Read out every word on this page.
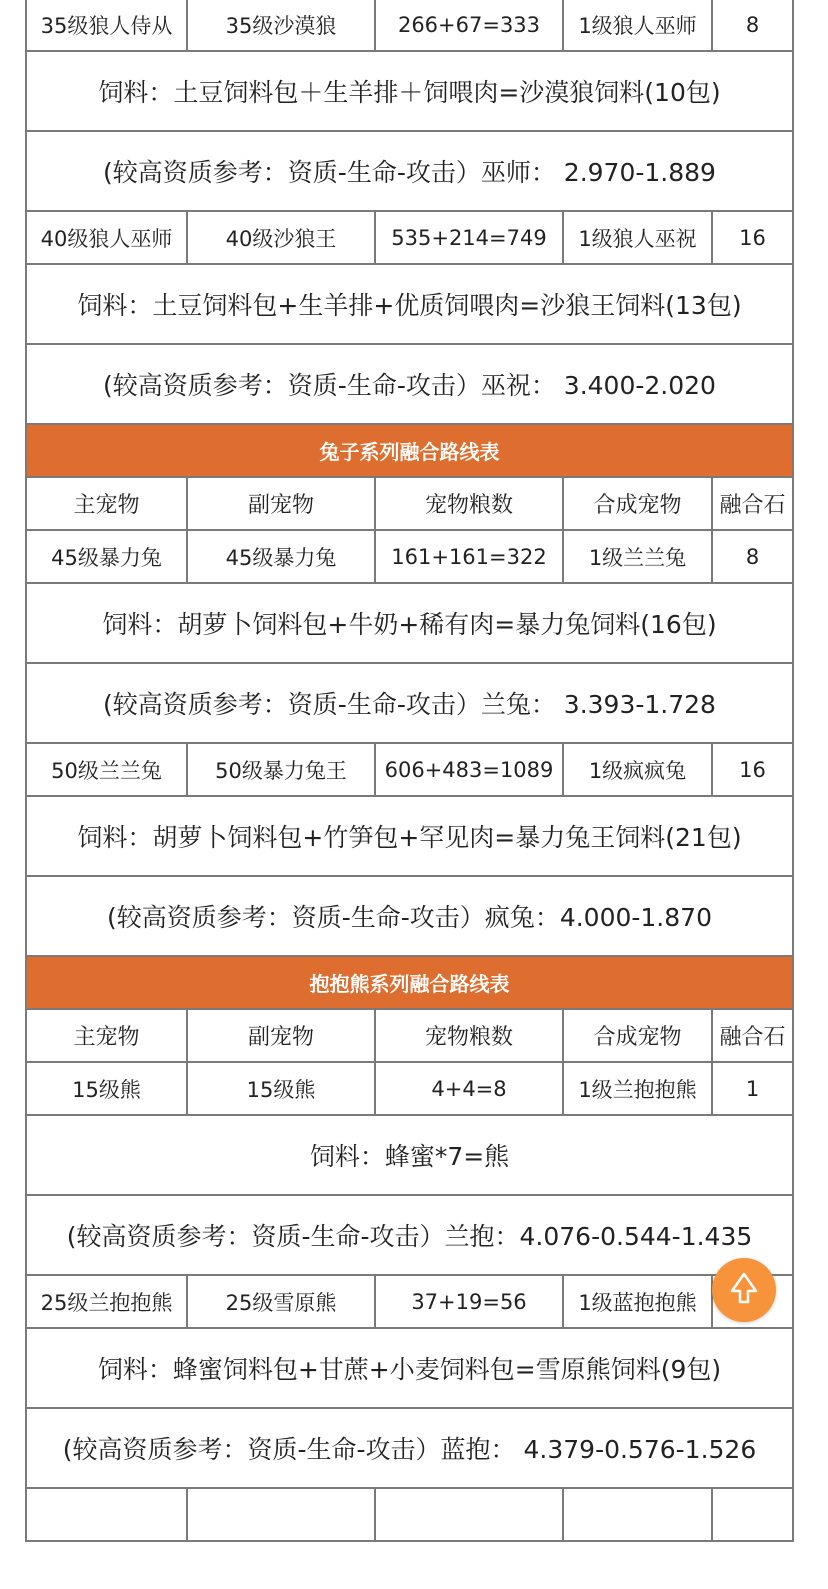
35级狼人侍从	35级沙漠狼	266+67=333	1级狼人巫师	8
饲料：土豆饲料包＋生羊排＋饲喂肉=沙漠狼饲料(10包)				
(较高资质参考：资质-生命-攻击）巫师： 2.970-1.889				
40级狼人巫师	40级沙狼王	535+214=749	1级狼人巫祝	16
饲料：土豆饲料包+生羊排+优质饲喂肉=沙狼王饲料(13包)				
(较高资质参考：资质-生命-攻击）巫祝： 3.400-2.020				
兔子系列融合路线表				
主宠物	副宠物	宠物粮数	合成宠物	融合石
45级暴力兔	45级暴力兔	161+161=322	1级兰兰兔	8
饲料：胡萝卜饲料包+牛奶+稀有肉=暴力兔饲料(16包)				
(较高资质参考：资质-生命-攻击）兰兔： 3.393-1.728				
50级兰兰兔	50级暴力兔王	606+483=1089	1级疯疯兔	16
饲料：胡萝卜饲料包+竹笋包+罕见肉=暴力兔王饲料(21包)				
(较高资质参考：资质-生命-攻击）疯兔：4.000-1.870				
抱抱熊系列融合路线表				
主宠物	副宠物	宠物粮数	合成宠物	融合石
15级熊	15级熊	4+4=8	1级兰抱抱熊	1
饲料：蜂蜜*7=熊				
(较高资质参考：资质-生命-攻击）兰抱：4.076-0.544-1.435				
25级兰抱抱熊	25级雪原熊	37+19=56	1级蓝抱抱熊	
饲料：蜂蜜饲料包+甘蔗+小麦饲料包=雪原熊饲料(9包)				
(较高资质参考：资质-生命-攻击）蓝抱： 4.379-0.576-1.526				
